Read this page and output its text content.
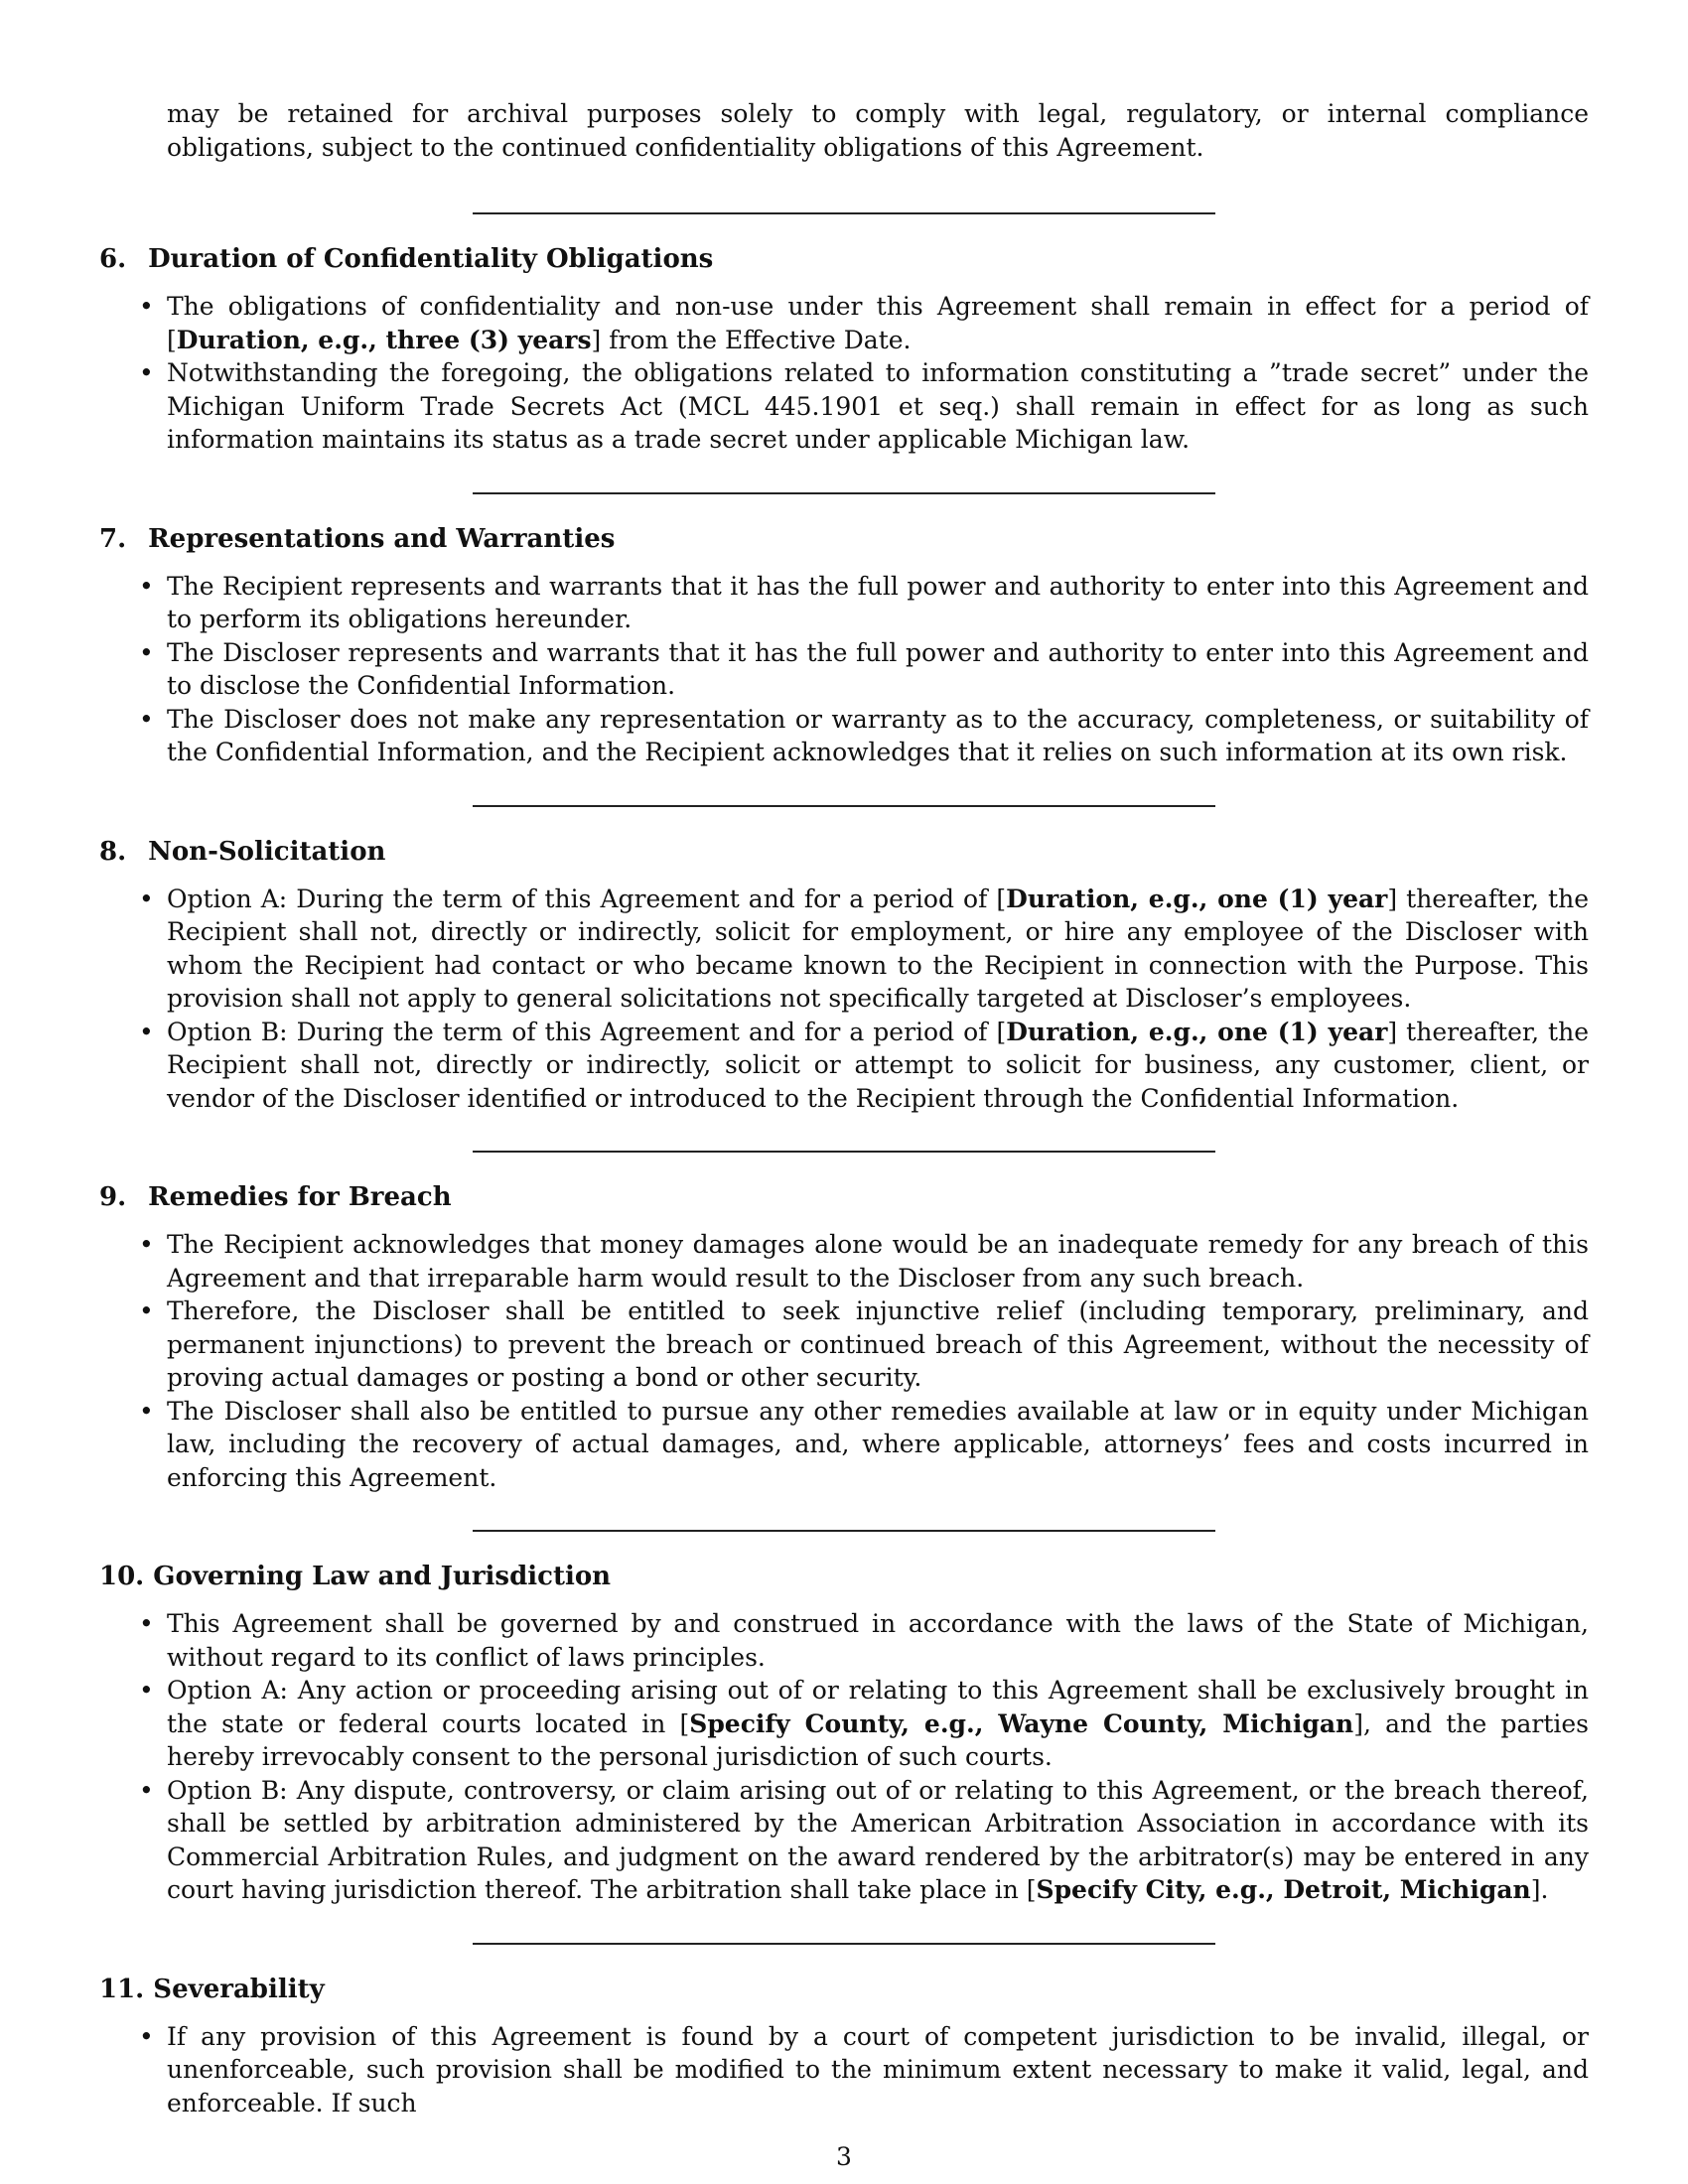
may be retained for archival purposes solely to comply with legal, regulatory, or internal compliance obligations, subject to the continued confidentiality obligations of this Agreement.

6. Duration of Confidentiality Obligations
• The obligations of confidentiality and non-use under this Agreement shall remain in effect for a period of [Duration, e.g., three (3) years] from the Effective Date.
• Notwithstanding the foregoing, the obligations related to information constituting a ”trade secret” under the Michigan Uniform Trade Secrets Act (MCL 445.1901 et seq.) shall remain in effect for as long as such information maintains its status as a trade secret under applicable Michigan law.
7. Representations and Warranties
• The Recipient represents and warrants that it has the full power and authority to enter into this Agreement and to perform its obligations hereunder.
• The Discloser represents and warrants that it has the full power and authority to enter into this Agreement and to disclose the Confidential Information.
• The Discloser does not make any representation or warranty as to the accuracy, completeness, or suitability of the Confidential Information, and the Recipient acknowledges that it relies on such information at its own risk.
8. Non-Solicitation
• Option A: During the term of this Agreement and for a period of [Duration, e.g., one (1) year] thereafter, the Recipient shall not, directly or indirectly, solicit for employment, or hire any employee of the Discloser with whom the Recipient had contact or who became known to the Recipient in connection with the Purpose. This provision shall not apply to general solicitations not specifically targeted at Discloser’s employees.
• Option B: During the term of this Agreement and for a period of [Duration, e.g., one (1) year] thereafter, the Recipient shall not, directly or indirectly, solicit or attempt to solicit for business, any customer, client, or vendor of the Discloser identified or introduced to the Recipient through the Confidential Information.
9. Remedies for Breach
• The Recipient acknowledges that money damages alone would be an inadequate remedy for any breach of this Agreement and that irreparable harm would result to the Discloser from any such breach.
• Therefore, the Discloser shall be entitled to seek injunctive relief (including temporary, preliminary, and permanent injunctions) to prevent the breach or continued breach of this Agreement, without the necessity of proving actual damages or posting a bond or other security.
• The Discloser shall also be entitled to pursue any other remedies available at law or in equity under Michigan law, including the recovery of actual damages, and, where applicable, attorneys’ fees and costs incurred in enforcing this Agreement.
10. Governing Law and Jurisdiction
• This Agreement shall be governed by and construed in accordance with the laws of the State of Michigan, without regard to its conflict of laws principles.
• Option A: Any action or proceeding arising out of or relating to this Agreement shall be exclusively brought in the state or federal courts located in [Specify County, e.g., Wayne County, Michigan], and the parties hereby irrevocably consent to the personal jurisdiction of such courts.
• Option B: Any dispute, controversy, or claim arising out of or relating to this Agreement, or the breach thereof, shall be settled by arbitration administered by the American Arbitration Association in accordance with its Commercial Arbitration Rules, and judgment on the award rendered by the arbitrator(s) may be entered in any court having jurisdiction thereof. The arbitration shall take place in [Specify City, e.g., Detroit, Michigan].
11. Severability
• If any provision of this Agreement is found by a court of competent jurisdiction to be invalid, illegal, or unenforceable, such provision shall be modified to the minimum extent necessary to make it valid, legal, and enforceable. If such
3
